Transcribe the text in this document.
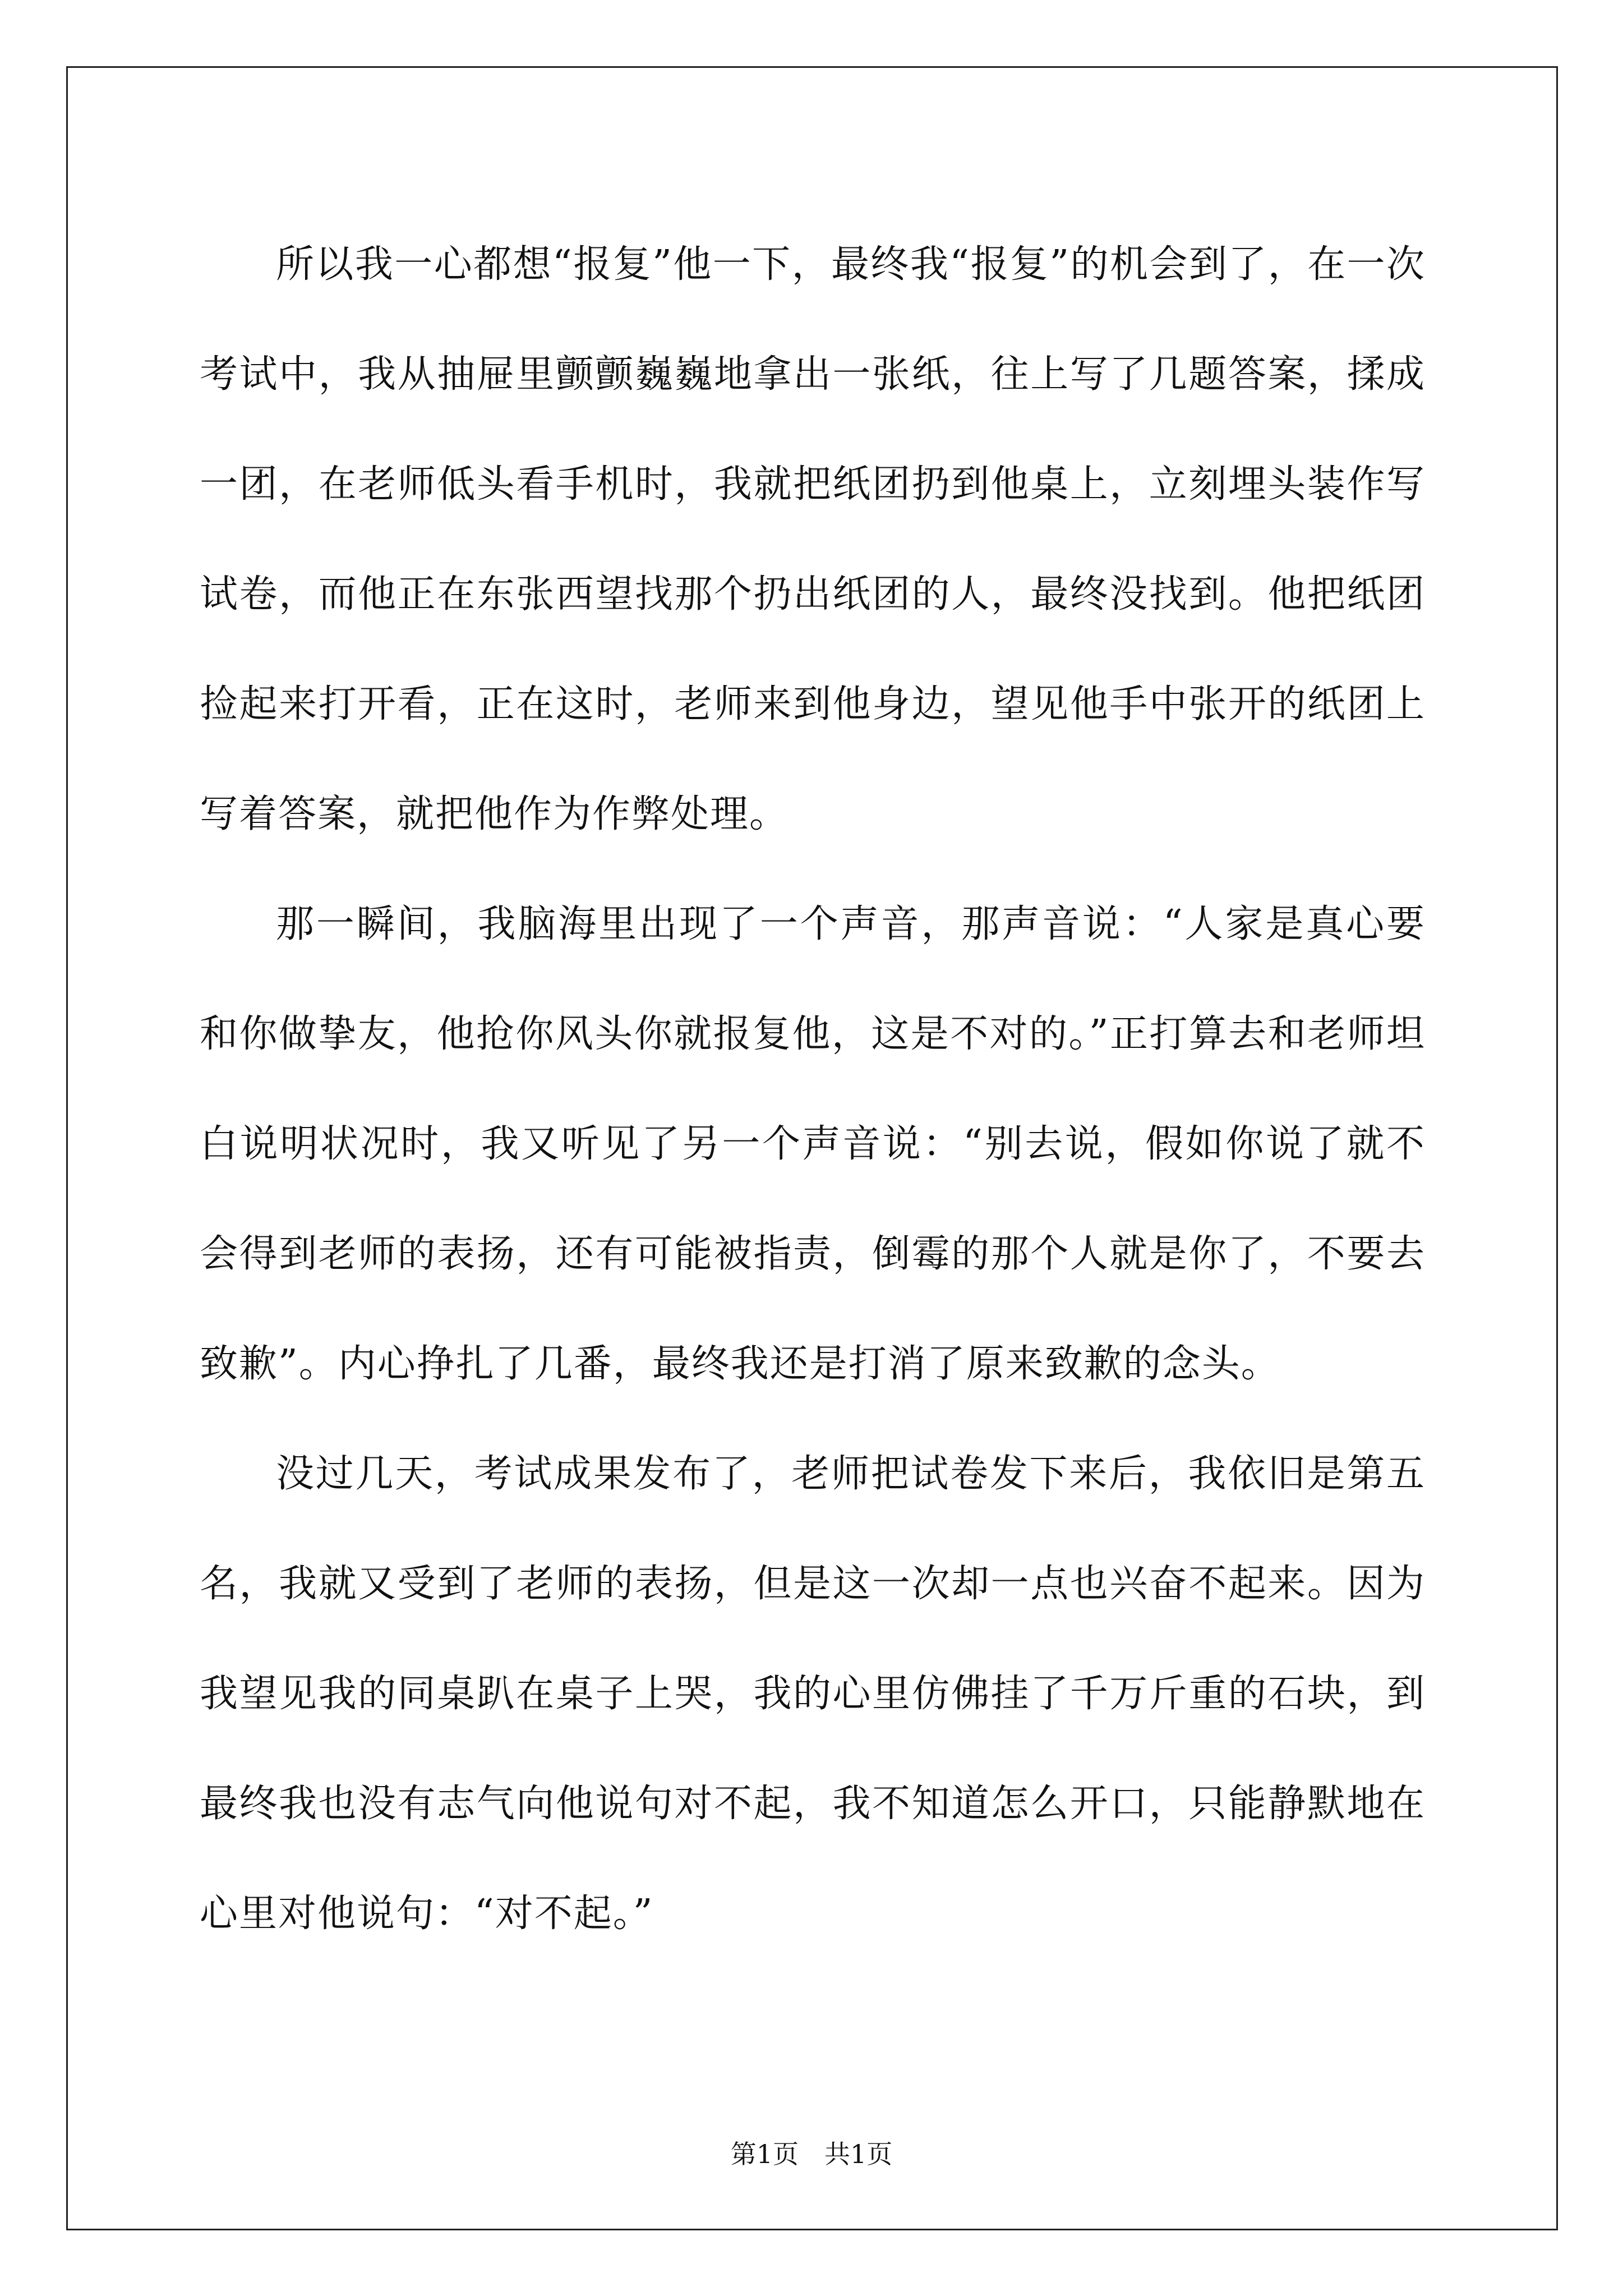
所以我一心都想“报复”他一下，最终我“报复”的机会到了，在一次考试中，我从抽屉里颤颤巍巍地拿出一张纸，往上写了几题答案，揉成一团，在老师低头看手机时，我就把纸团扔到他桌上，立刻埋头装作写试卷，而他正在东张西望找那个扔出纸团的人，最终没找到。他把纸团捡起来打开看，正在这时，老师来到他身边，望见他手中张开的纸团上写着答案，就把他作为作弊处理。

那一瞬间，我脑海里出现了一个声音，那声音说：“人家是真心要和你做挚友，他抢你风头你就报复他，这是不对的。”正打算去和老师坦白说明状况时，我又听见了另一个声音说：“别去说，假如你说了就不会得到老师的表扬，还有可能被指责，倒霉的那个人就是你了，不要去致歉”。内心挣扎了几番，最终我还是打消了原来致歉的念头。

没过几天，考试成果发布了，老师把试卷发下来后，我依旧是第五名，我就又受到了老师的表扬，但是这一次却一点也兴奋不起来。因为我望见我的同桌趴在桌子上哭，我的心里仿佛挂了千万斤重的石块，到最终我也没有志气向他说句对不起，我不知道怎么开口，只能静默地在心里对他说句：“对不起。”

第1页　共1页
